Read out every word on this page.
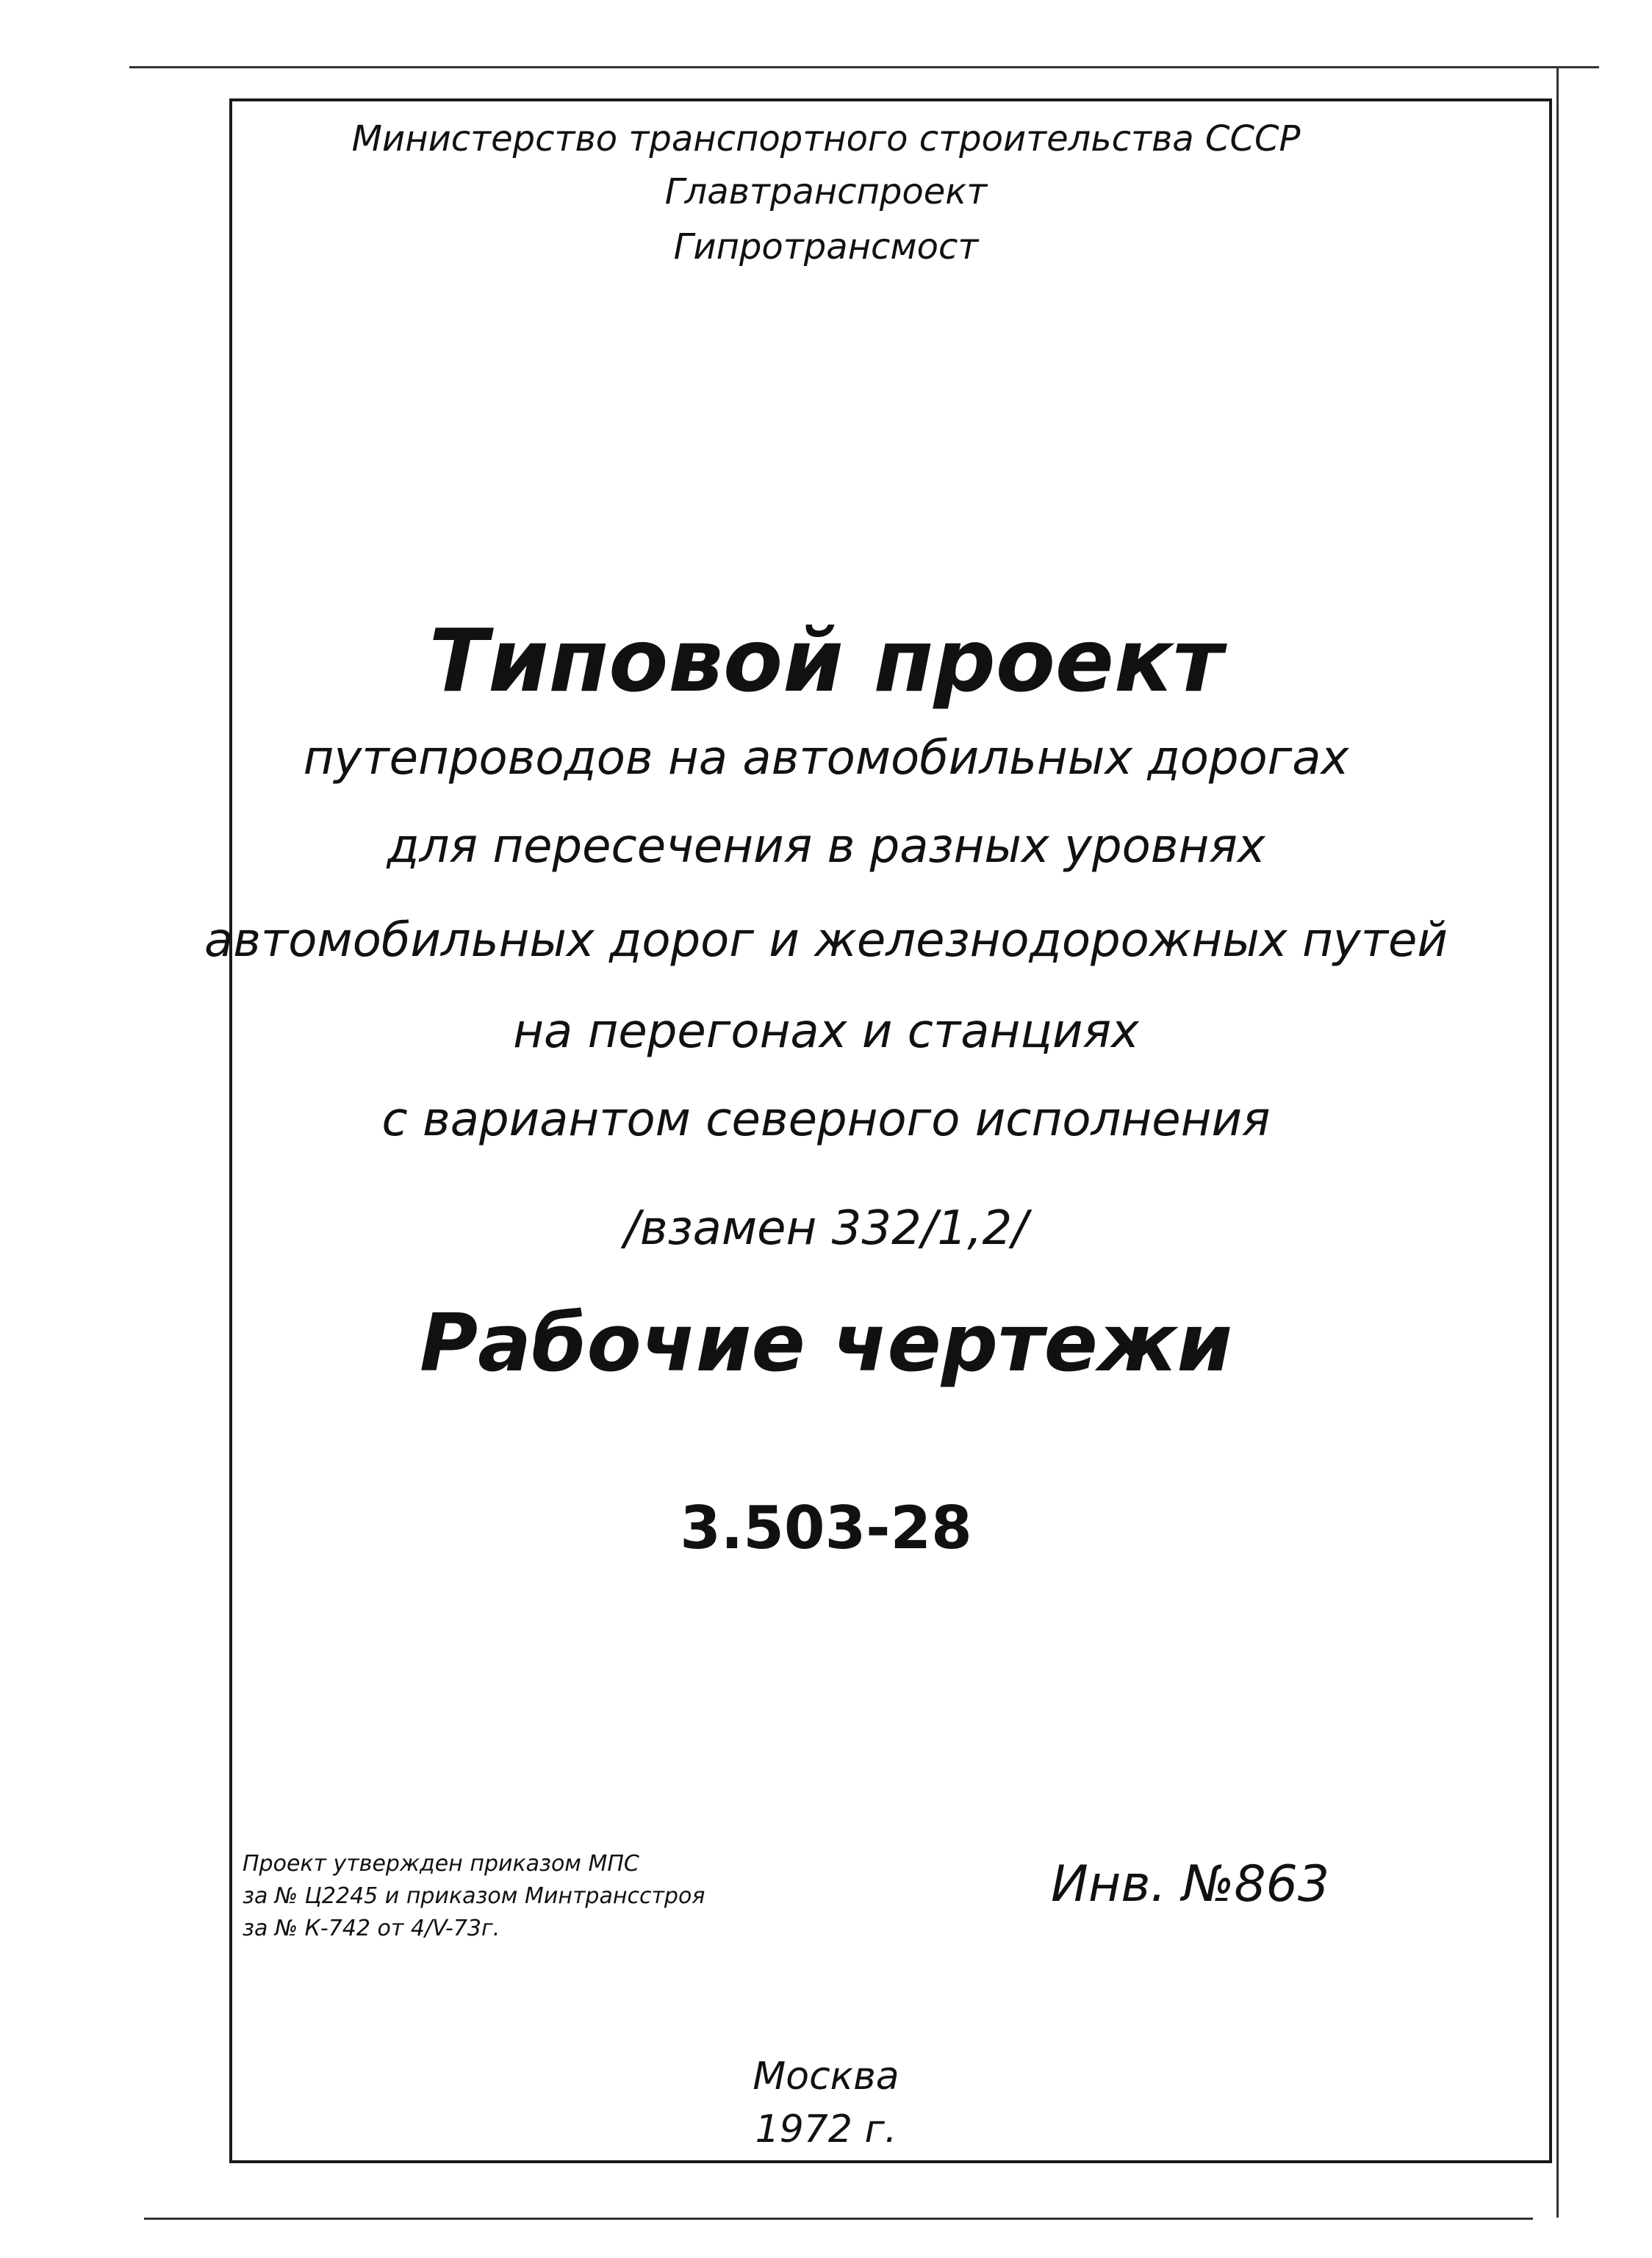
Министерство транспортного строительства СССР
Главтранспроект
Гипротрансмост
Типовой проект
путепроводов на автомобильных дорогах
для пересечения в разных уровнях
автомобильных дорог и железнодорожных путей
на перегонах и станциях
с вариантом северного исполнения
/взамен 332/1,2/
Рабочие чертежи
3.503-28
Проект утвержден приказом МПС
за № Ц2245 и приказом Минтрансстроя
за № К-742 от 4/V-73г.
Инв. №863
Москва
1972 г.
